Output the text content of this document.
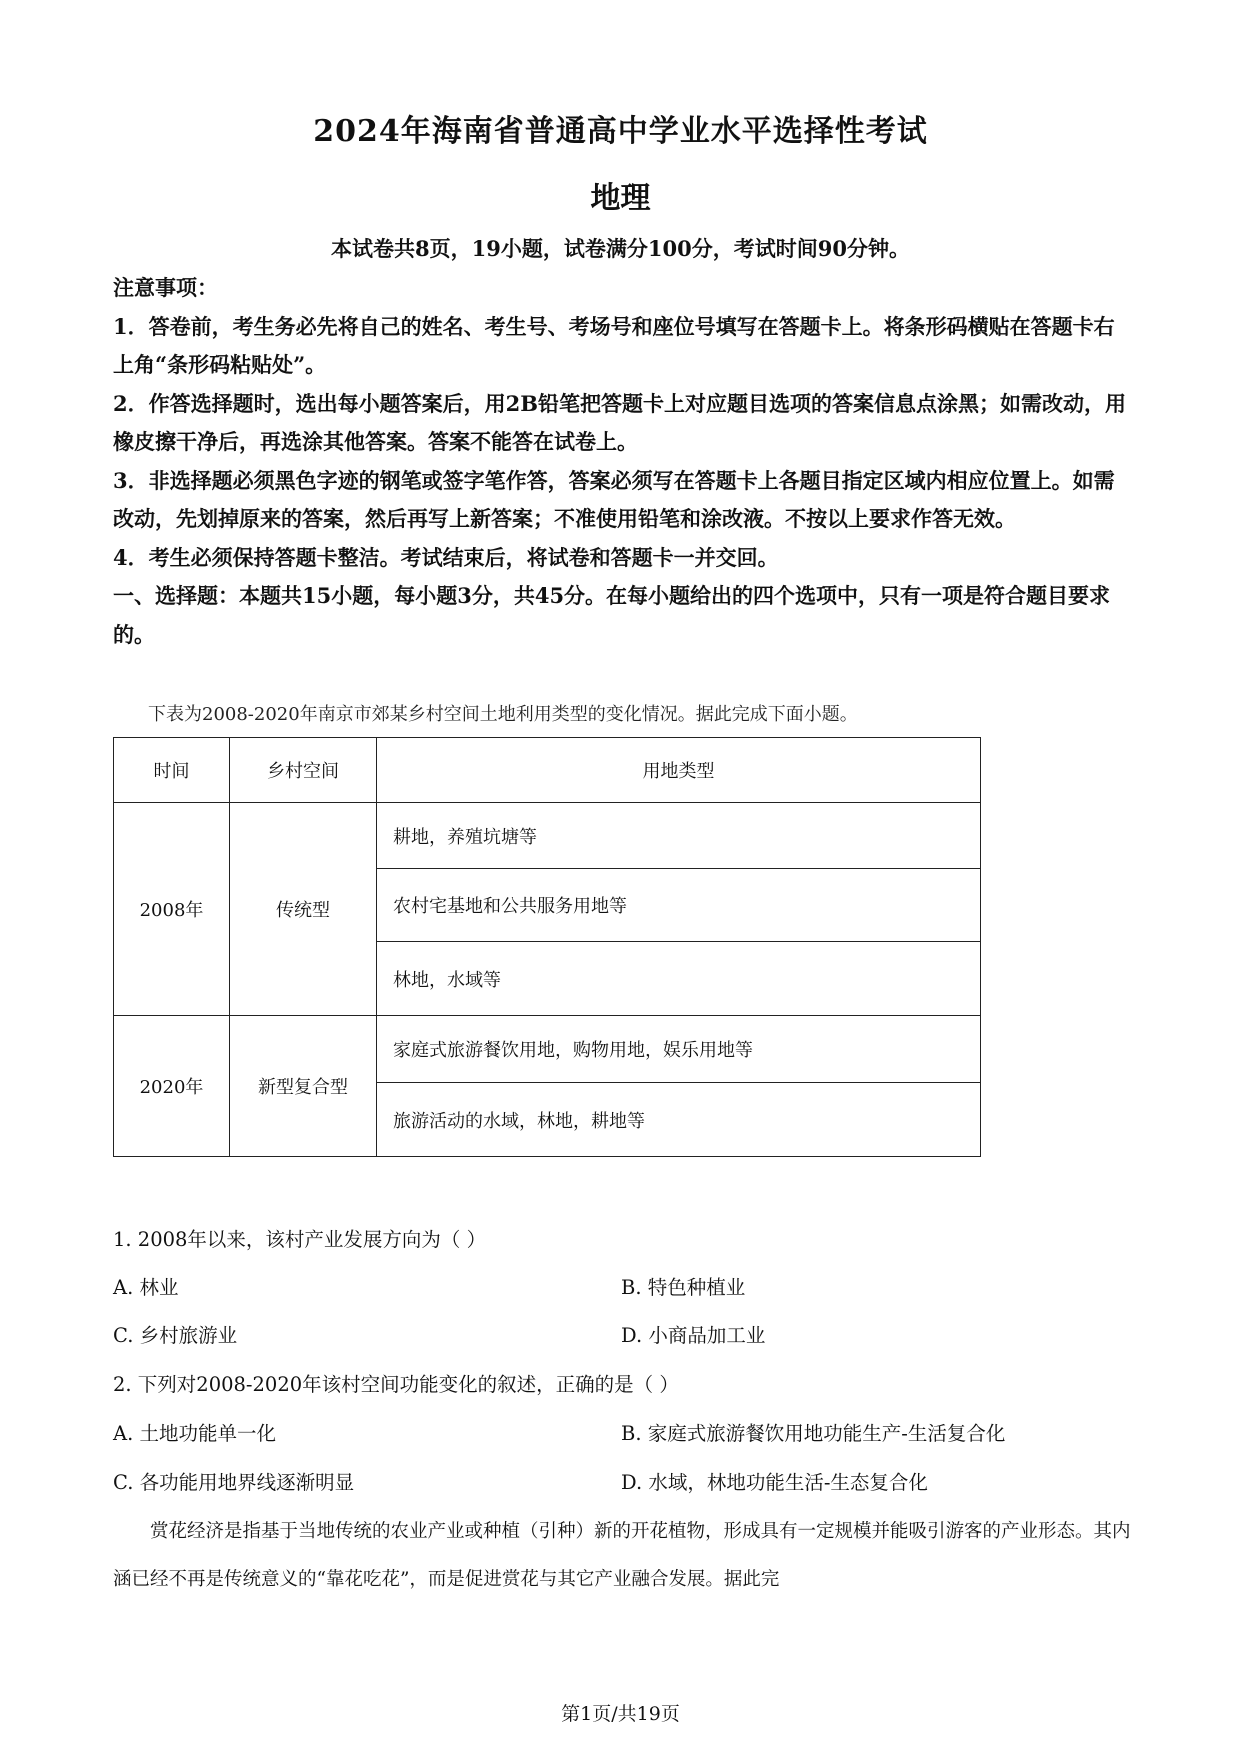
2024年海南省普通高中学业水平选择性考试
地理
本试卷共8页，19小题，试卷满分100分，考试时间90分钟。

注意事项：

1．答卷前，考生务必先将自己的姓名、考生号、考场号和座位号填写在答题卡上。将条形码横贴在答题卡右上角“条形码粘贴处”。

2．作答选择题时，选出每小题答案后，用2B铅笔把答题卡上对应题目选项的答案信息点涂黑；如需改动，用橡皮擦干净后，再选涂其他答案。答案不能答在试卷上。

3．非选择题必须黑色字迹的钢笔或签字笔作答，答案必须写在答题卡上各题目指定区域内相应位置上。如需改动，先划掉原来的答案，然后再写上新答案；不准使用铅笔和涂改液。不按以上要求作答无效。

4．考生必须保持答题卡整洁。考试结束后，将试卷和答题卡一并交回。

一、选择题：本题共15小题，每小题3分，共45分。在每小题给出的四个选项中，只有一项是符合题目要求的。

下表为2008-2020年南京市郊某乡村空间土地利用类型的变化情况。据此完成下面小题。
时间	乡村空间	用地类型
2008年	传统型	耕地，养殖坑塘等
		农村宅基地和公共服务用地等
		林地，水域等
2020年	新型复合型	家庭式旅游餐饮用地，购物用地，娱乐用地等
		旅游活动的水域，林地，耕地等
1. 2008年以来，该村产业发展方向为（ ）
A. 林业	B. 特色种植业
C. 乡村旅游业	D. 小商品加工业
2. 下列对2008-2020年该村空间功能变化的叙述，正确的是（ ）
A. 土地功能单一化	B. 家庭式旅游餐饮用地功能生产-生活复合化
C. 各功能用地界线逐渐明显	D. 水域，林地功能生活-生态复合化
赏花经济是指基于当地传统的农业产业或种植（引种）新的开花植物，形成具有一定规模并能吸引游客的产业形态。其内涵已经不再是传统意义的“靠花吃花”，而是促进赏花与其它产业融合发展。据此完
第1页/共19页
